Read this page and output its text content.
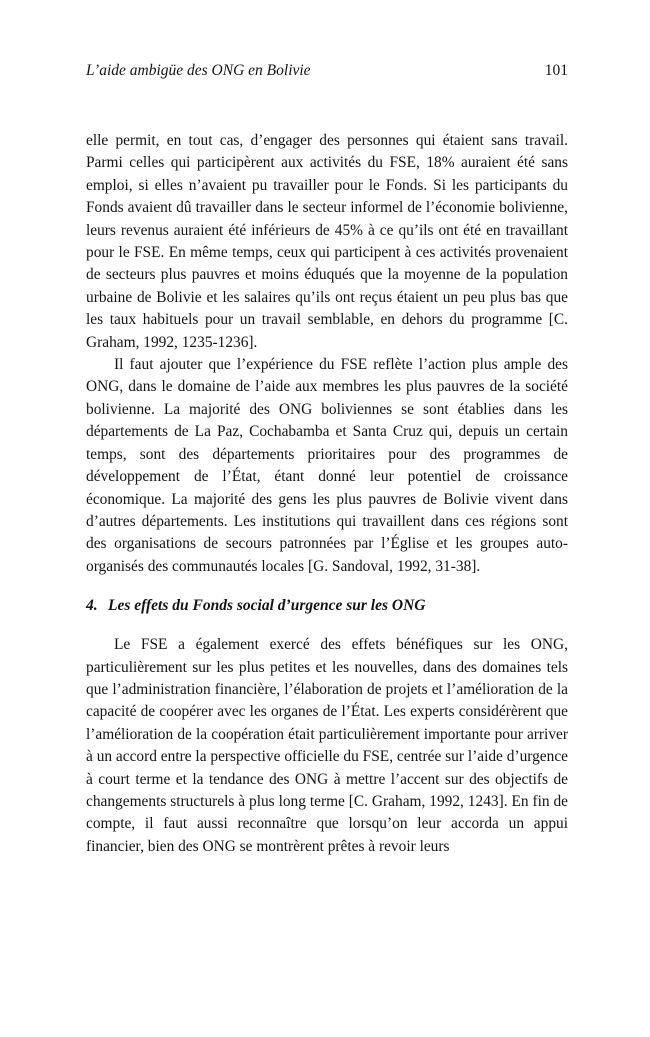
L’aide ambigüe des ONG en Bolivie	101

elle permit, en tout cas, d’engager des personnes qui étaient sans travail. Parmi celles qui participèrent aux activités du FSE, 18% auraient été sans emploi, si elles n’avaient pu travailler pour le Fonds. Si les participants du Fonds avaient dû travailler dans le secteur informel de l’économie bolivienne, leurs revenus auraient été inférieurs de 45% à ce qu’ils ont été en travaillant pour le FSE. En même temps, ceux qui participent à ces activités provenaient de secteurs plus pauvres et moins éduqués que la moyenne de la population urbaine de Bolivie et les salaires qu’ils ont reçus étaient un peu plus bas que les taux habituels pour un travail semblable, en dehors du programme [C. Graham, 1992, 1235-1236].

Il faut ajouter que l’expérience du FSE reflète l’action plus ample des ONG, dans le domaine de l’aide aux membres les plus pauvres de la société bolivienne. La majorité des ONG boliviennes se sont établies dans les départements de La Paz, Cochabamba et Santa Cruz qui, depuis un certain temps, sont des départements prioritaires pour des programmes de développement de l’État, étant donné leur potentiel de croissance économique. La majorité des gens les plus pauvres de Bolivie vivent dans d’autres départements. Les institutions qui travaillent dans ces régions sont des organisations de secours patronnées par l’Église et les groupes auto-organisés des communautés locales [G. Sandoval, 1992, 31-38].

4. Les effets du Fonds social d’urgence sur les ONG

Le FSE a également exercé des effets bénéfiques sur les ONG, particulièrement sur les plus petites et les nouvelles, dans des domaines tels que l’administration financière, l’élaboration de projets et l’amélioration de la capacité de coopérer avec les organes de l’État. Les experts considérèrent que l’amélioration de la coopération était particulièrement importante pour arriver à un accord entre la perspective officielle du FSE, centrée sur l’aide d’urgence à court terme et la tendance des ONG à mettre l’accent sur des objectifs de changements structurels à plus long terme [C. Graham, 1992, 1243]. En fin de compte, il faut aussi reconnaître que lorsqu’on leur accorda un appui financier, bien des ONG se montrèrent prêtes à revoir leurs
